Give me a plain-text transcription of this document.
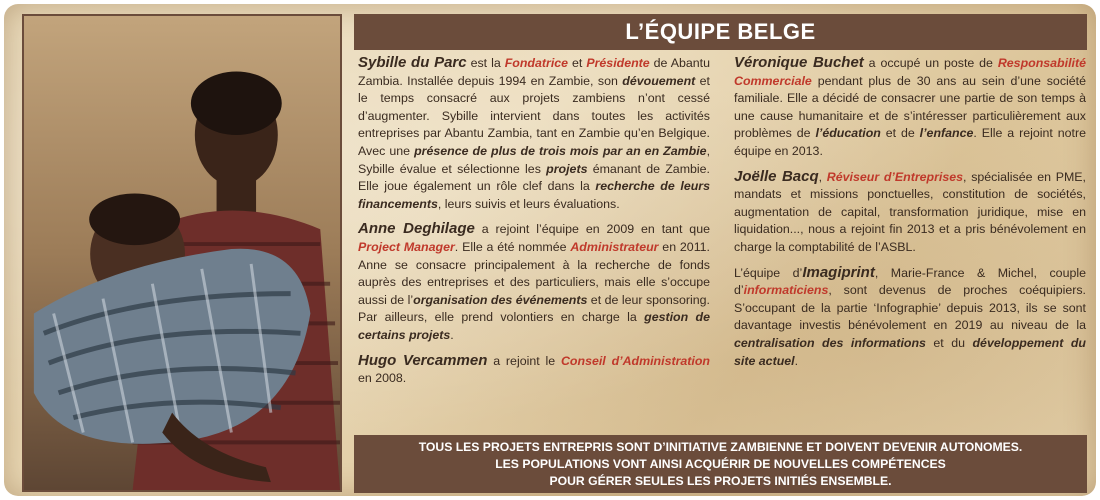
L’ÉQUIPE BELGE

Sybille du Parc est la Fondatrice et Présidente de Abantu Zambia. Installée depuis 1994 en Zambie, son dévouement et le temps consacré aux projets zambiens n’ont cessé d’augmenter. Sybille intervient dans toutes les activités entreprises par Abantu Zambia, tant en Zambie qu’en Belgique. Avec une présence de plus de trois mois par an en Zambie, Sybille évalue et sélectionne les projets émanant de Zambie. Elle joue également un rôle clef dans la recherche de leurs financements, leurs suivis et leurs évaluations.

Anne Deghilage a rejoint l’équipe en 2009 en tant que Project Manager. Elle a été nommée Administrateur en 2011. Anne se consacre principalement à la recherche de fonds auprès des entreprises et des particuliers, mais elle s’occupe aussi de l’organisation des événements et de leur sponsoring. Par ailleurs, elle prend volontiers en charge la gestion de certains projets.

Hugo Vercammen a rejoint le Conseil d’Administration en 2008.

Véronique Buchet a occupé un poste de Responsabilité Commerciale pendant plus de 30 ans au sein d’une société familiale. Elle a décidé de consacrer une partie de son temps à une cause humanitaire et de s’intéresser particulièrement aux problèmes de l’éducation et de l’enfance. Elle a rejoint notre équipe en 2013.

Joëlle Bacq, Réviseur d’Entreprises, spécialisée en PME, mandats et missions ponctuelles, constitution de sociétés, augmentation de capital, transformation juridique, mise en liquidation..., nous a rejoint fin 2013 et a pris bénévolement en charge la comptabilité de l’ASBL.

L’équipe d’Imagiprint, Marie-France & Michel, couple d’informaticiens, sont devenus de proches coéquipiers. S’occupant de la partie ‘Infographie’ depuis 2013, ils se sont davantage investis bénévolement en 2019 au niveau de la centralisation des informations et du développement du site actuel.

TOUS LES PROJETS ENTREPRIS SONT D’INITIATIVE ZAMBIENNE ET DOIVENT DEVENIR AUTONOMES.
LES POPULATIONS VONT AINSI ACQUÉRIR DE NOUVELLES COMPÉTENCES
POUR GÉRER SEULES LES PROJETS INITIÉS ENSEMBLE.
